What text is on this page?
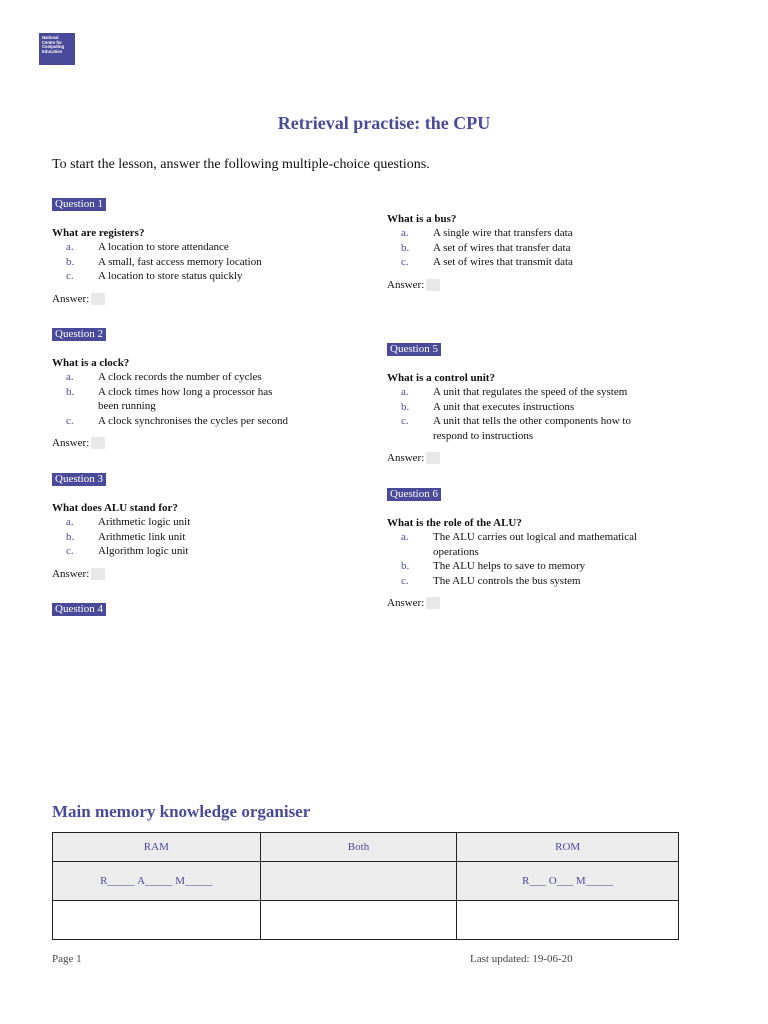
National
Centre for
Computing
Education
Retrieval practise: the CPU
To start the lesson, answer the following multiple-choice questions.
Question 1
What are registers?
a. A location to store attendance
b. A small, fast access memory location
c. A location to store status quickly
Answer:
Question 2
What is a clock?
a. A clock records the number of cycles
b. A clock times how long a processor has been running
c. A clock synchronises the cycles per second
Answer:
Question 3
What does ALU stand for?
a. Arithmetic logic unit
b. Arithmetic link unit
c. Algorithm logic unit
Answer:
Question 4
What is a bus?
a. A single wire that transfers data
b. A set of wires that transfer data
c. A set of wires that transmit data
Answer:
Question 5
What is a control unit?
a. A unit that regulates the speed of the system
b. A unit that executes instructions
c. A unit that tells the other components how to respond to instructions
Answer:
Question 6
What is the role of the ALU?
a. The ALU carries out logical and mathematical operations
b. The ALU helps to save to memory
c. The ALU controls the bus system
Answer:
Main memory knowledge organiser
RAM	Both	ROM
R_____ A_____ M_____		R___ O___ M_____

Page 1	Last updated: 19-06-20
